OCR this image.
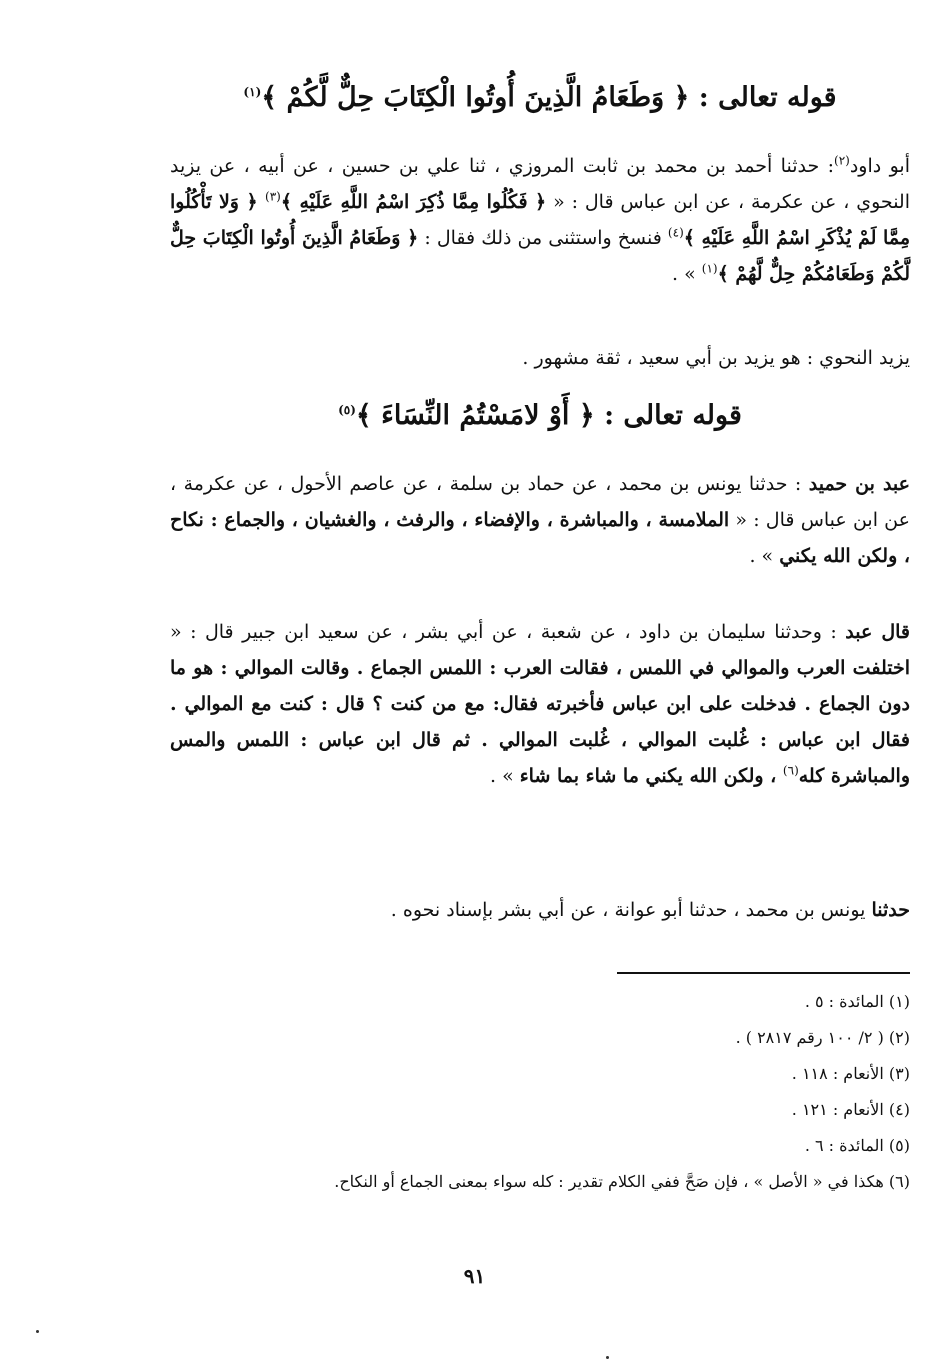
قوله تعالى : ﴿ وَطَعَامُ الَّذِينَ أُوتُوا الْكِتَابَ حِلٌّ لَّكُمْ ﴾$^{(١)}$
أبو داود$^{(٢)}$: حدثنا أحمد بن محمد بن ثابت المروزي ، ثنا علي بن حسين ، عن أبيه ، عن يزيد النحوي ، عن عكرمة ، عن ابن عباس قال : « ﴿ فَكُلُوا مِمَّا ذُكِرَ اسْمُ اللَّهِ عَلَيْهِ ﴾$^{(٣)}$ ﴿ وَلا تَأْكُلُوا مِمَّا لَمْ يُذْكَرِ اسْمُ اللَّهِ عَلَيْهِ ﴾$^{(٤)}$ فنسخ واستثنى من ذلك فقال : ﴿ وَطَعَامُ الَّذِينَ أُوتُوا الْكِتَابَ حِلٌّ لَّكُمْ وَطَعَامُكُمْ حِلٌّ لَّهُمْ ﴾$^{(١)}$ » .
يزيد النحوي : هو يزيد بن أبي سعيد ، ثقة مشهور .
قوله تعالى : ﴿ أَوْ لامَسْتُمُ النِّسَاءَ ﴾$^{(٥)}$
عبد بن حميد : حدثنا يونس بن محمد ، عن حماد بن سلمة ، عن عاصم الأحول ، عن عكرمة ، عن ابن عباس قال : « الملامسة ، والمباشرة ، والإفضاء ، والرفث ، والغشيان ، والجماع : نكاح ، ولكن الله يكني » .
قال عبد : وحدثنا سليمان بن داود ، عن شعبة ، عن أبي بشر ، عن سعيد ابن جبير قال : « اختلفت العرب والموالي في اللمس ، فقالت العرب : اللمس الجماع . وقالت الموالي : هو ما دون الجماع . فدخلت على ابن عباس فأخبرته فقال: مع من كنت ؟ قال : كنت مع الموالي . فقال ابن عباس : غُلبت الموالي ، غُلبت الموالي . ثم قال ابن عباس : اللمس والمس والمباشرة كله$^{(٦)}$ ، ولكن الله يكني ما شاء بما شاء » .
حدثنا يونس بن محمد ، حدثنا أبو عوانة ، عن أبي بشر بإسناد نحوه .
(١) المائدة : ٥ .
(٢) ( ٢/ ١٠٠ رقم ٢٨١٧ ) .
(٣) الأنعام : ١١٨ .
(٤) الأنعام : ١٢١ .
(٥) المائدة : ٦ .
(٦) هكذا في « الأصل » ، فإن صَحَّ ففي الكلام تقدير : كله سواء بمعنى الجماع أو النكاح.
٩١
